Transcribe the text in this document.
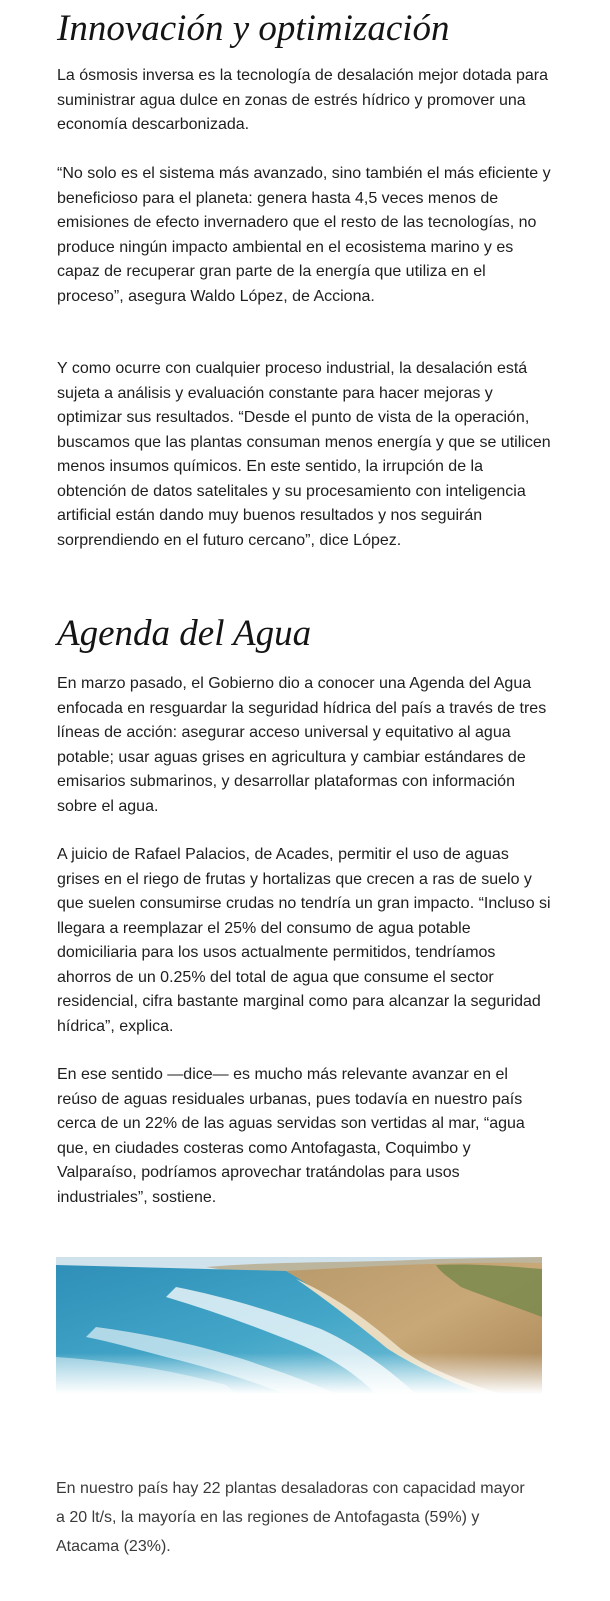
Innovación y optimización

La ósmosis inversa es la tecnología de desalación mejor dotada para suministrar agua dulce en zonas de estrés hídrico y promover una economía descarbonizada.

“No solo es el sistema más avanzado, sino también el más eficiente y beneficioso para el planeta: genera hasta 4,5 veces menos de emisiones de efecto invernadero que el resto de las tecnologías, no produce ningún impacto ambiental en el ecosistema marino y es capaz de recuperar gran parte de la energía que utiliza en el proceso”, asegura Waldo López, de Acciona.

Y como ocurre con cualquier proceso industrial, la desalación está sujeta a análisis y evaluación constante para hacer mejoras y optimizar sus resultados. “Desde el punto de vista de la operación, buscamos que las plantas consuman menos energía y que se utilicen menos insumos químicos. En este sentido, la irrupción de la obtención de datos satelitales y su procesamiento con inteligencia artificial están dando muy buenos resultados y nos seguirán sorprendiendo en el futuro cercano”, dice López.

Agenda del Agua

En marzo pasado, el Gobierno dio a conocer una Agenda del Agua enfocada en resguardar la seguridad hídrica del país a través de tres líneas de acción: asegurar acceso universal y equitativo al agua potable; usar aguas grises en agricultura y cambiar estándares de emisarios submarinos, y desarrollar plataformas con información sobre el agua.

A juicio de Rafael Palacios, de Acades, permitir el uso de aguas grises en el riego de frutas y hortalizas que crecen a ras de suelo y que suelen consumirse crudas no tendría un gran impacto. “Incluso si llegara a reemplazar el 25% del consumo de agua potable domiciliaria para los usos actualmente permitidos, tendríamos ahorros de un 0.25% del total de agua que consume el sector residencial, cifra bastante marginal como para alcanzar la seguridad hídrica”, explica.

En ese sentido —dice— es mucho más relevante avanzar en el reúso de aguas residuales urbanas, pues todavía en nuestro país cerca de un 22% de las aguas servidas son vertidas al mar, “agua que, en ciudades costeras como Antofagasta, Coquimbo y Valparaíso, podríamos aprovechar tratándolas para usos industriales”, sostiene.

En nuestro país hay 22 plantas desaladoras con capacidad mayor a 20 lt/s, la mayoría en las regiones de Antofagasta (59%) y Atacama (23%).
